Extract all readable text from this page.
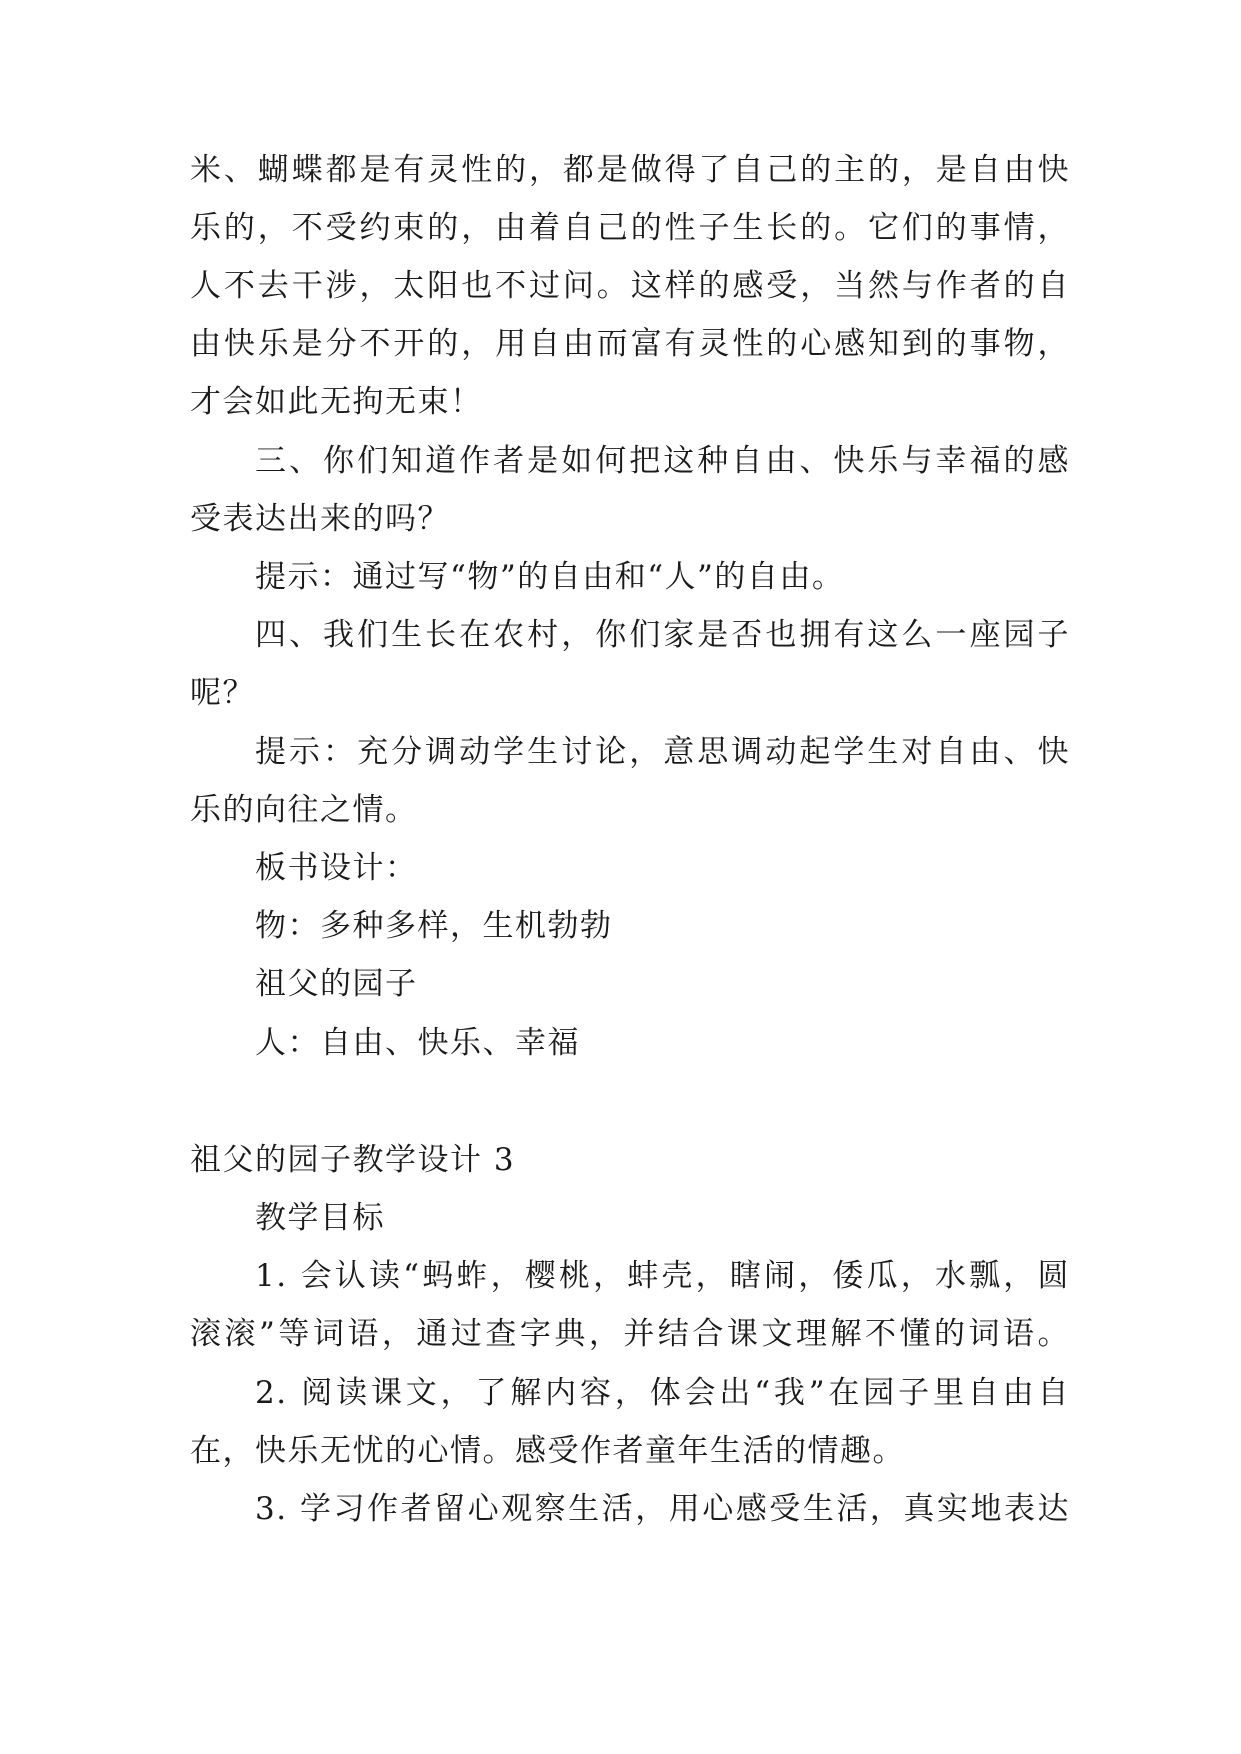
米、蝴蝶都是有灵性的，都是做得了自己的主的，是自由快
乐的，不受约束的，由着自己的性子生长的。它们的事情，
人不去干涉，太阳也不过问。这样的感受，当然与作者的自
由快乐是分不开的，用自由而富有灵性的心感知到的事物，
才会如此无拘无束！
三、你们知道作者是如何把这种自由、快乐与幸福的感
受表达出来的吗？
提示：通过写“物”的自由和“人”的自由。
四、我们生长在农村，你们家是否也拥有这么一座园子
呢？
提示：充分调动学生讨论，意思调动起学生对自由、快
乐的向往之情。
板书设计：
物：多种多样，生机勃勃
祖父的园子
人：自由、快乐、幸福
祖父的园子教学设计 3
教学目标
1. 会认读“蚂蚱，樱桃，蚌壳，瞎闹，倭瓜，水瓢，圆
滚滚”等词语，通过查字典，并结合课文理解不懂的词语。
2. 阅读课文，了解内容，体会出“我”在园子里自由自
在，快乐无忧的心情。感受作者童年生活的情趣。
3. 学习作者留心观察生活，用心感受生活，真实地表达
